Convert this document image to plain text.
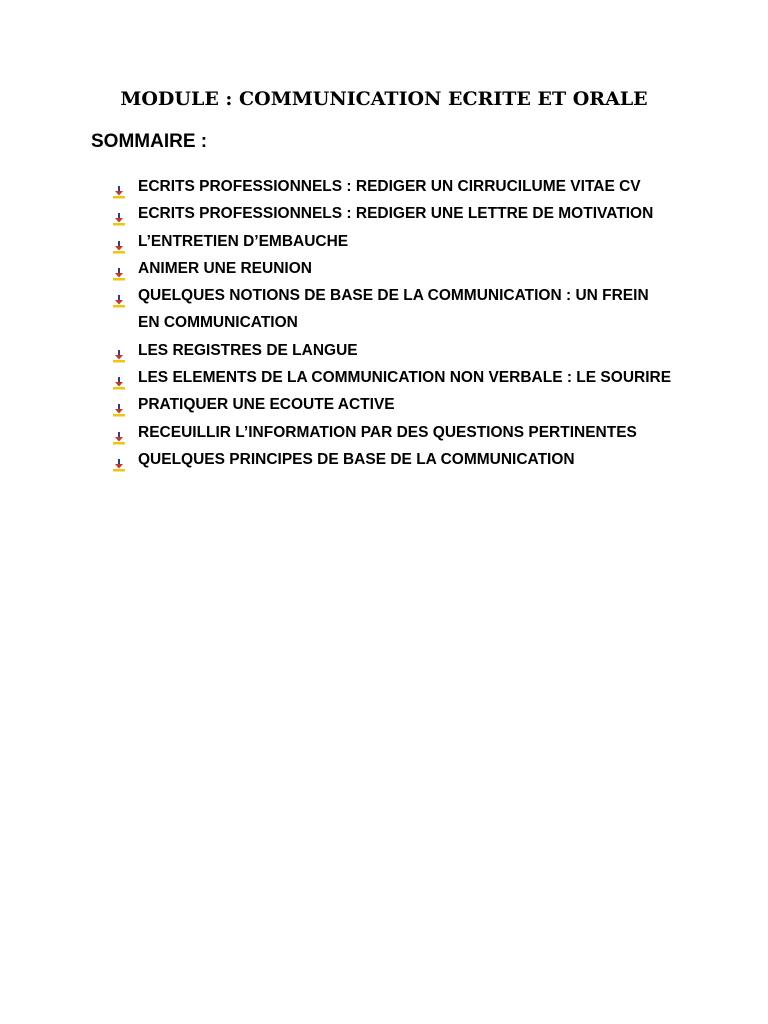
MODULE : COMMUNICATION ECRITE ET ORALE
SOMMAIRE :
ECRITS PROFESSIONNELS : REDIGER UN CIRRUCILUME VITAE CV
ECRITS PROFESSIONNELS : REDIGER UNE LETTRE DE MOTIVATION
L’ENTRETIEN D’EMBAUCHE
ANIMER UNE REUNION
QUELQUES NOTIONS DE BASE DE LA COMMUNICATION : UN FREIN EN COMMUNICATION
LES REGISTRES DE LANGUE
LES ELEMENTS DE LA COMMUNICATION NON VERBALE : LE SOURIRE
PRATIQUER UNE ECOUTE ACTIVE
RECEUILLIR L’INFORMATION PAR DES QUESTIONS PERTINENTES
QUELQUES PRINCIPES DE BASE DE LA COMMUNICATION
